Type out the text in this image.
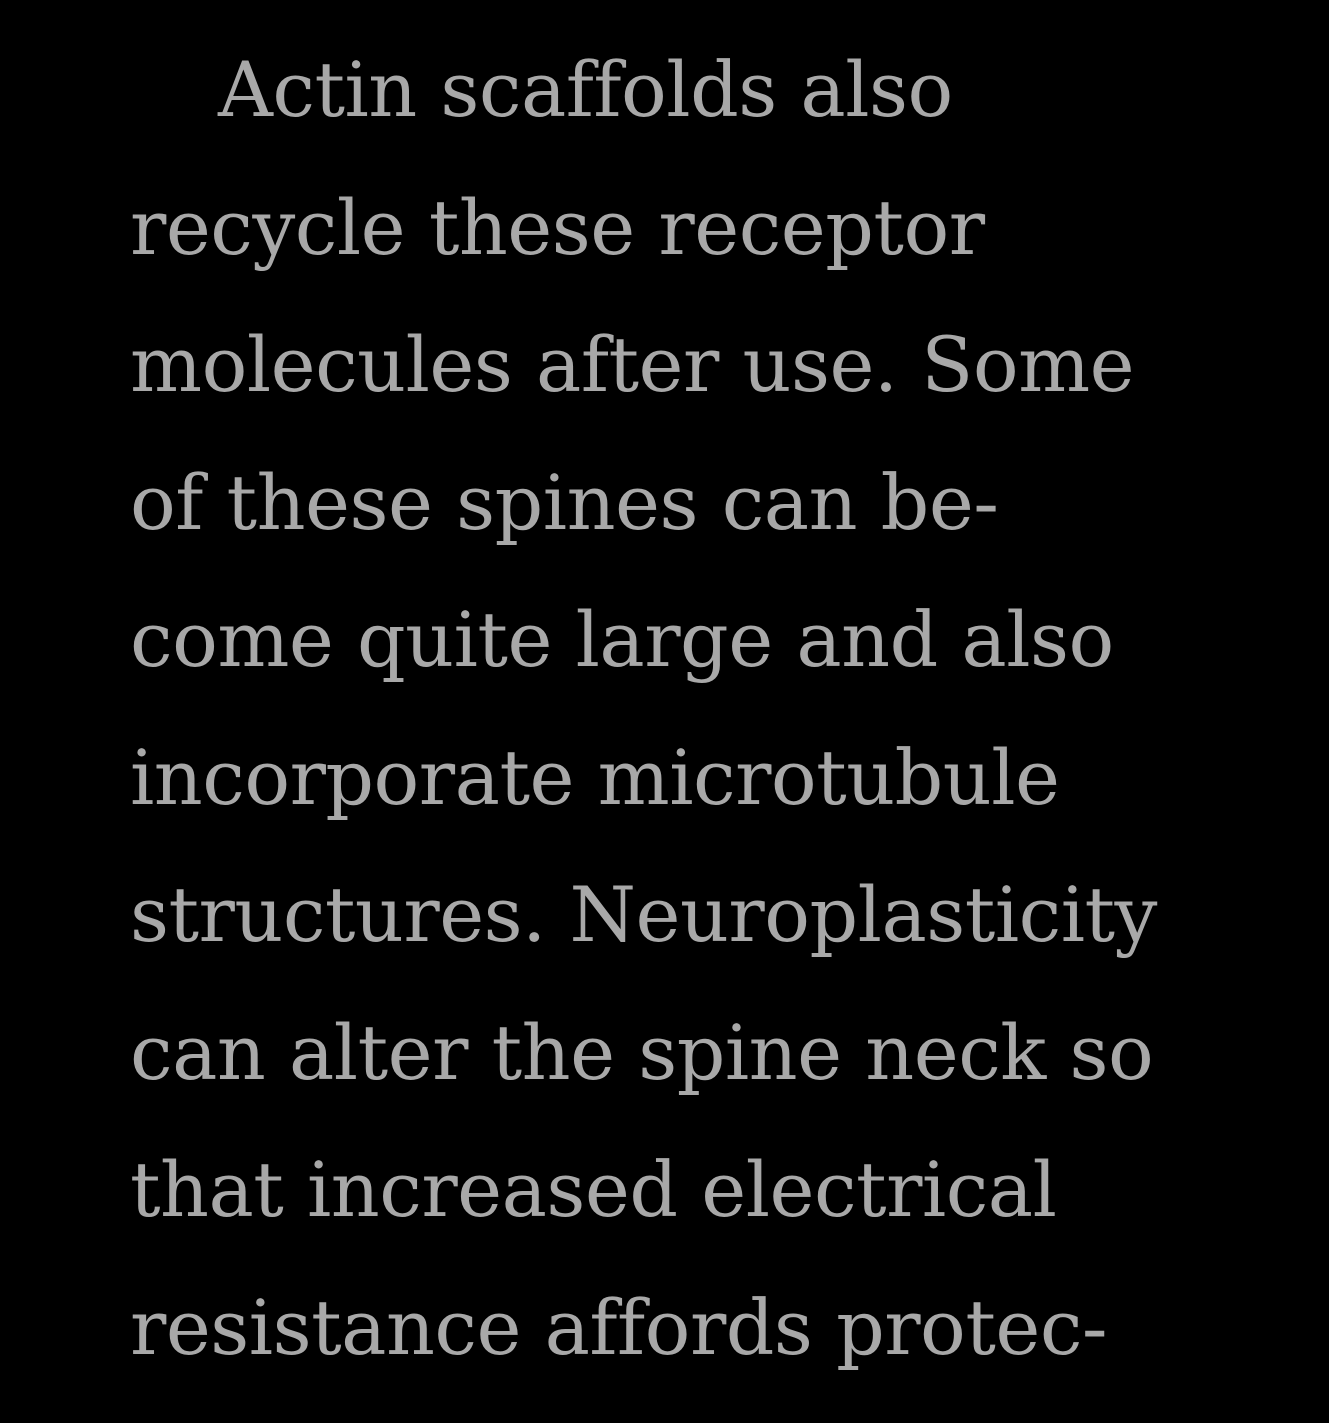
Actin scaffolds also
recycle these receptor
molecules after use. Some
of these spines can be-
come quite large and also
incorporate microtubule
structures. Neuroplasticity
can alter the spine neck so
that increased electrical
resistance affords protec-
